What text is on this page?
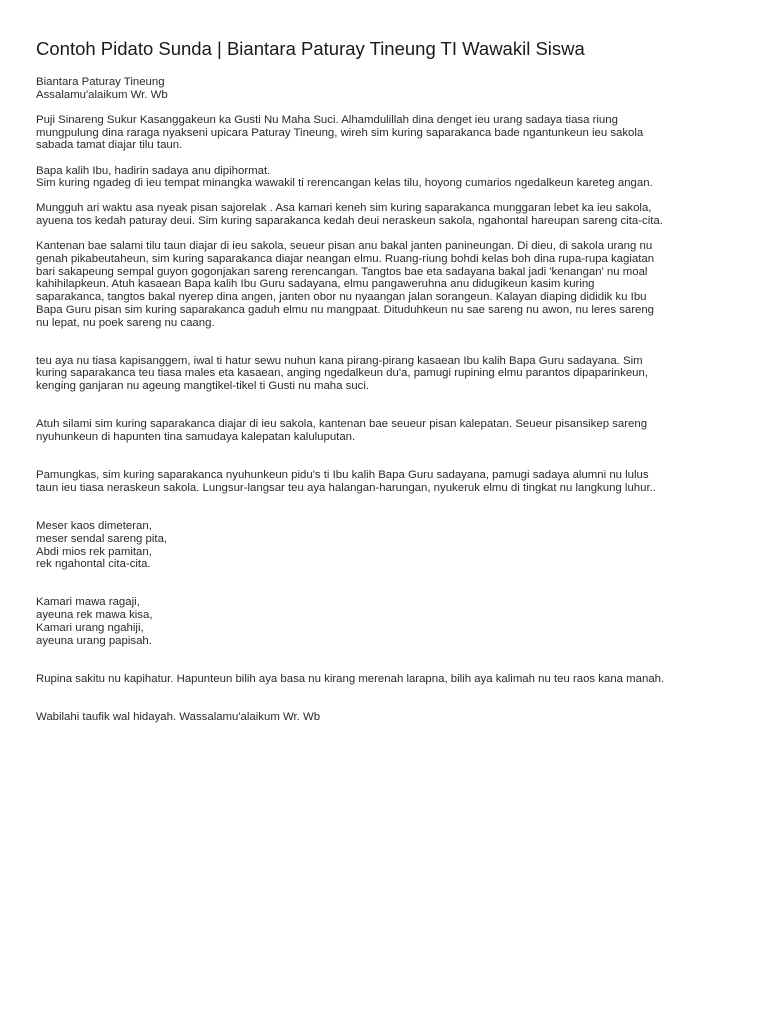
Contoh Pidato Sunda | Biantara Paturay Tineung TI Wawakil Siswa

Biantara Paturay Tineung
Assalamu'alaikum Wr. Wb

Puji Sinareng Sukur Kasanggakeun ka Gusti Nu Maha Suci. Alhamdulillah dina denget ieu urang sadaya tiasa riung
mungpulung dina raraga nyakseni upicara Paturay Tineung, wireh sim kuring saparakanca bade ngantunkeun ieu sakola
sabada tamat diajar tilu taun.

Bapa kalih Ibu, hadirin sadaya anu dipihormat.
Sim kuring ngadeg di ieu tempat minangka wawakil ti rerencangan kelas tilu, hoyong cumarios ngedalkeun kareteg angan.

Mungguh ari waktu asa nyeak pisan sajorelak . Asa kamari keneh sim kuring saparakanca munggaran lebet ka ieu sakola,
ayuena tos kedah paturay deui. Sim kuring saparakanca kedah deui neraskeun sakola, ngahontal hareupan sareng cita-cita.

Kantenan bae salami tilu taun diajar di ieu sakola, seueur pisan anu bakal janten panineungan. Di dieu, di sakola urang nu
genah pikabeutaheun, sim kuring saparakanca diajar neangan elmu. Ruang-riung bohdi kelas boh dina rupa-rupa kagiatan
bari sakapeung sempal guyon gogonjakan sareng rerencangan. Tangtos bae eta sadayana bakal jadi 'kenangan' nu moal
kahihilapkeun. Atuh kasaean Bapa kalih Ibu Guru sadayana, elmu pangaweruhna anu didugikeun kasim kuring
saparakanca, tangtos bakal nyerep dina angen, janten obor nu nyaangan jalan sorangeun. Kalayan diaping dididik ku Ibu
Bapa Guru pisan sim kuring saparakanca gaduh elmu nu mangpaat. Dituduhkeun nu sae sareng nu awon, nu leres sareng
nu lepat, nu poek sareng nu caang.

teu aya nu tiasa kapisanggem, iwal ti hatur sewu nuhun kana pirang-pirang kasaean Ibu kalih Bapa Guru sadayana. Sim
kuring saparakanca teu tiasa males eta kasaean, anging ngedalkeun du'a, pamugi rupining elmu parantos dipaparinkeun,
kenging ganjaran nu ageung mangtikel-tikel ti Gusti nu maha suci.

Atuh silami sim kuring saparakanca diajar di ieu sakola, kantenan bae seueur pisan kalepatan. Seueur pisansikep sareng
nyuhunkeun di hapunten tina samudaya kalepatan kaluluputan.

Pamungkas, sim kuring saparakanca nyuhunkeun pidu's ti Ibu kalih Bapa Guru sadayana, pamugi sadaya alumni nu lulus
taun ieu tiasa neraskeun sakola. Lungsur-langsar teu aya halangan-harungan, nyukeruk elmu di tingkat nu langkung luhur..

Meser kaos dimeteran,
meser sendal sareng pita,
Abdi mios rek pamitan,
rek ngahontal cita-cita.

Kamari mawa ragaji,
ayeuna rek mawa kisa,
Kamari urang ngahiji,
ayeuna urang papisah.

Rupina sakitu nu kapihatur. Hapunteun bilih aya basa nu kirang merenah larapna, bilih aya kalimah nu teu raos kana manah.

Wabilahi taufik wal hidayah. Wassalamu'alaikum Wr. Wb
